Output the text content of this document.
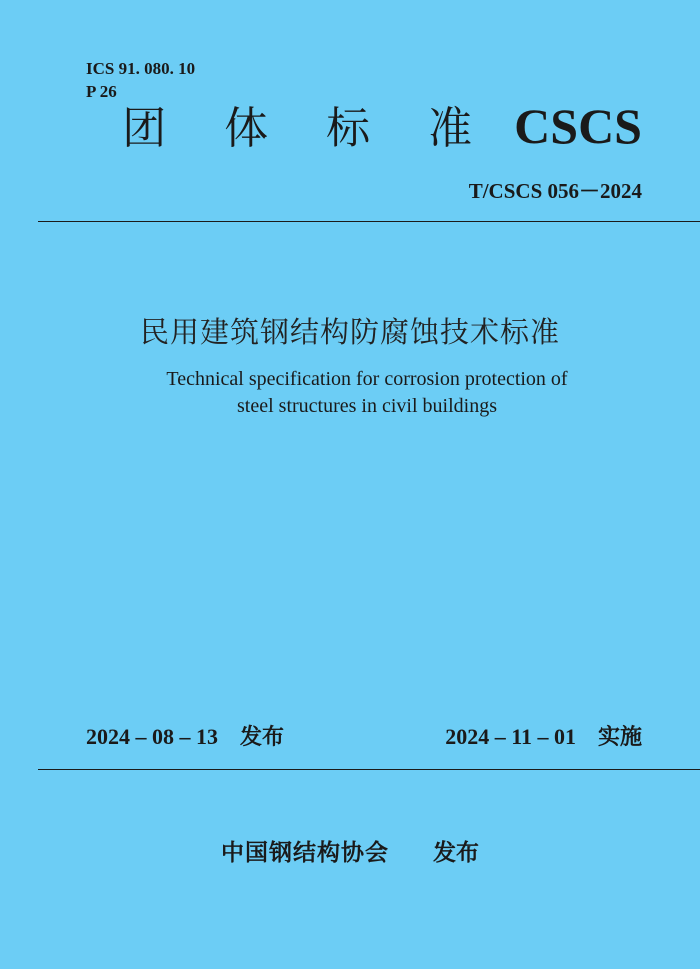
ICS 91. 080. 10
P 26
团 体 标 准 CSCS
T/CSCS 056－2024
民用建筑钢结构防腐蚀技术标准
Technical specification for corrosion protection of
steel structures in civil buildings
2024 – 08 – 13 发布	2024 – 11 – 01 实施
中国钢结构协会 发布
